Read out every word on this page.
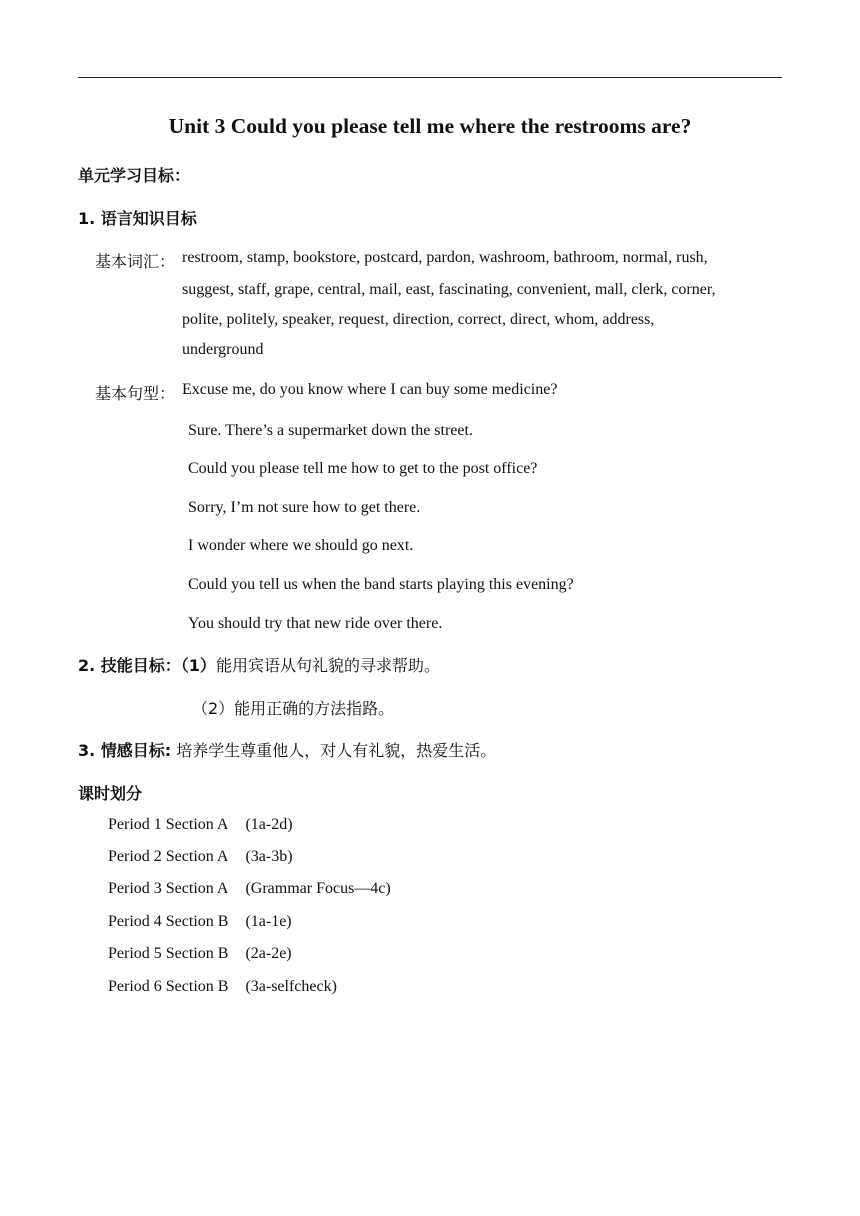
Unit 3 Could you please tell me where the restrooms are?
单元学习目标：
1. 语言知识目标
基本词汇： restroom, stamp, bookstore, postcard, pardon, washroom, bathroom, normal, rush,
suggest, staff, grape, central, mail, east, fascinating, convenient, mall, clerk, corner,
polite, politely, speaker, request, direction, correct, direct, whom, address,
underground
基本句型： Excuse me, do you know where I can buy some medicine?
Sure. There’s a supermarket down the street.
Could you please tell me how to get to the post office?
Sorry, I’m not sure how to get there.
I wonder where we should go next.
Could you tell us when the band starts playing this evening?
You should try that new ride over there.
2. 技能目标：（1）能用宾语从句礼貌的寻求帮助。
（2）能用正确的方法指路。
3. 情感目标: 培养学生尊重他人，对人有礼貌，热爱生活。
课时划分
Period 1 Section A (1a-2d)
Period 2 Section A (3a-3b)
Period 3 Section A (Grammar Focus—4c)
Period 4 Section B (1a-1e)
Period 5 Section B (2a-2e)
Period 6 Section B (3a-selfcheck)
